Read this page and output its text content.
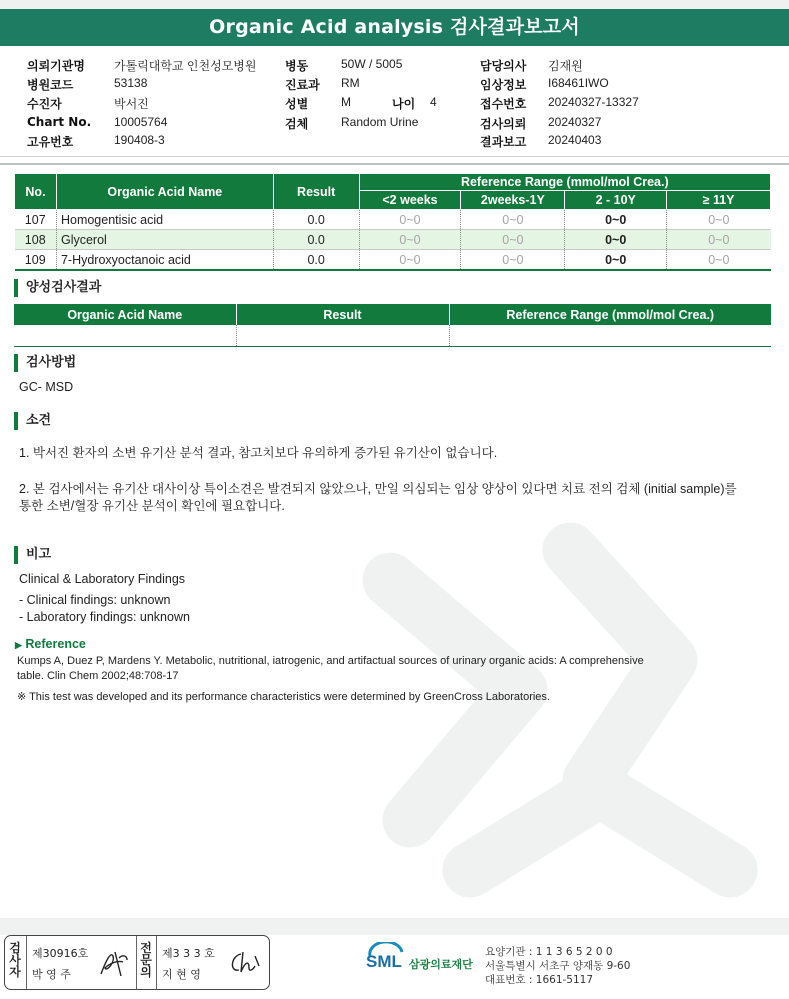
Organic Acid analysis 검사결과보고서
의뢰기관명 가톨릭대학교 인천성모병원
병원코드	53138
수진자	박서진
Chart No. 10005764
고유번호	190408-3
병동	50W / 5005
진료과 RM
성별	M	나이 4
검체	Random Urine
담당의사 김재원
임상정보 I68461IWO
접수번호 20240327-13327
검사의뢰 20240327
결과보고 20240403
No.	Organic Acid Name	Result	Reference Range (mmol/mol Crea.)			
			<2 weeks	2weeks-1Y	2 - 10Y	≥ 11Y
107	Homogentisic acid	0.0	0~0	0~0	0~0	0~0
108	Glycerol	0.0	0~0	0~0	0~0	0~0
109	7-Hydroxyoctanoic acid	0.0	0~0	0~0	0~0	0~0
양성검사결과
Organic Acid Name	Result	Reference Range (mmol/mol Crea.)

검사방법
GC- MSD
소견
1. 박서진 환자의 소변 유기산 분석 결과, 참고치보다 유의하게 증가된 유기산이 없습니다.
2. 본 검사에서는 유기산 대사이상 특이소견은 발견되지 않았으나, 만일 의심되는 임상 양상이 있다면 치료 전의 검체 (initial sample)를
통한 소변/혈장 유기산 분석이 확인에 필요합니다.
비고
Clinical & Laboratory Findings
- Clinical findings: unknown
- Laboratory findings: unknown
▶ Reference
Kumps A, Duez P, Mardens Y. Metabolic, nutritional, iatrogenic, and artifactual sources of urinary organic acids: A comprehensive
table. Clin Chem 2002;48:708-17
※ This test was developed and its performance characteristics were determined by GreenCross Laboratories.
검
사
자
제30916호
박 영 주
전
문
의
제3 3 3 호
지 현 영
SML 삼광의료재단
요양기관 : 1 1 3 6 5 2 0 0
서울특별시 서초구 양재동 9-60
대표번호 : 1661-5117
